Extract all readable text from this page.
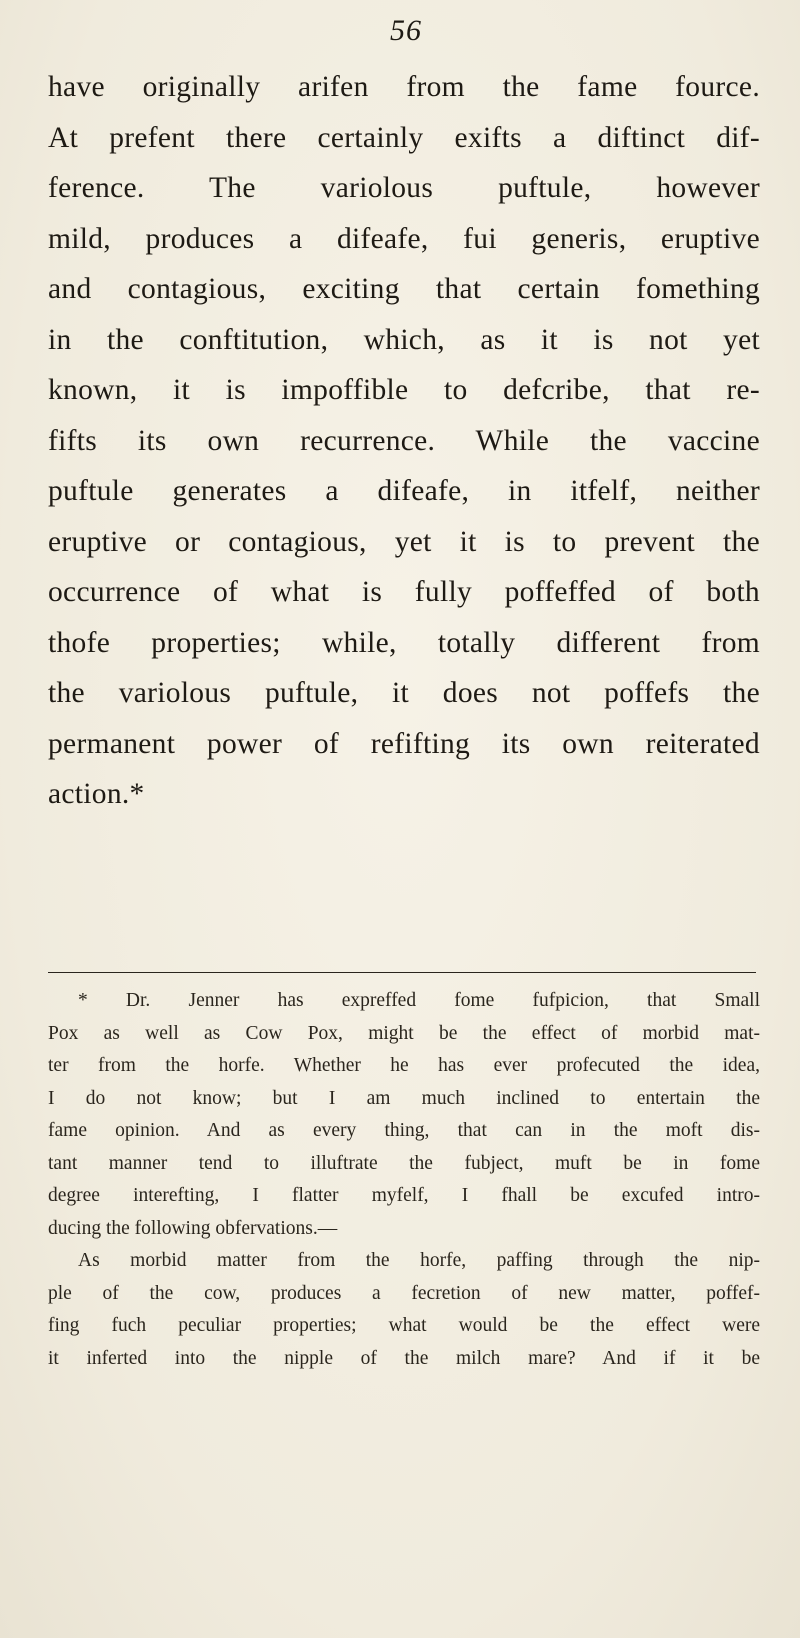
56
have originally arifen from the fame fource.
At prefent there certainly exifts a diftinct dif-
ference. The variolous puftule, however
mild, produces a difeafe, fui generis, eruptive
and contagious, exciting that certain fomething
in the conftitution, which, as it is not yet
known, it is impoffible to defcribe, that re-
fifts its own recurrence. While the vaccine
puftule generates a difeafe, in itfelf, neither
eruptive or contagious, yet it is to prevent the
occurrence of what is fully poffeffed of both
thofe properties; while, totally different from
the variolous puftule, it does not poffefs the
permanent power of refifting its own reiterated
action.*
* Dr. Jenner has expreffed fome fufpicion, that Small
Pox as well as Cow Pox, might be the effect of morbid mat-
ter from the horfe. Whether he has ever profecuted the idea,
I do not know; but I am much inclined to entertain the
fame opinion. And as every thing, that can in the moft dis-
tant manner tend to illuftrate the fubject, muft be in fome
degree interefting, I flatter myfelf, I fhall be excufed intro-
ducing the following obfervations.—
As morbid matter from the horfe, paffing through the nip-
ple of the cow, produces a fecretion of new matter, poffef-
fing fuch peculiar properties; what would be the effect were
it inferted into the nipple of the milch mare? And if it be
